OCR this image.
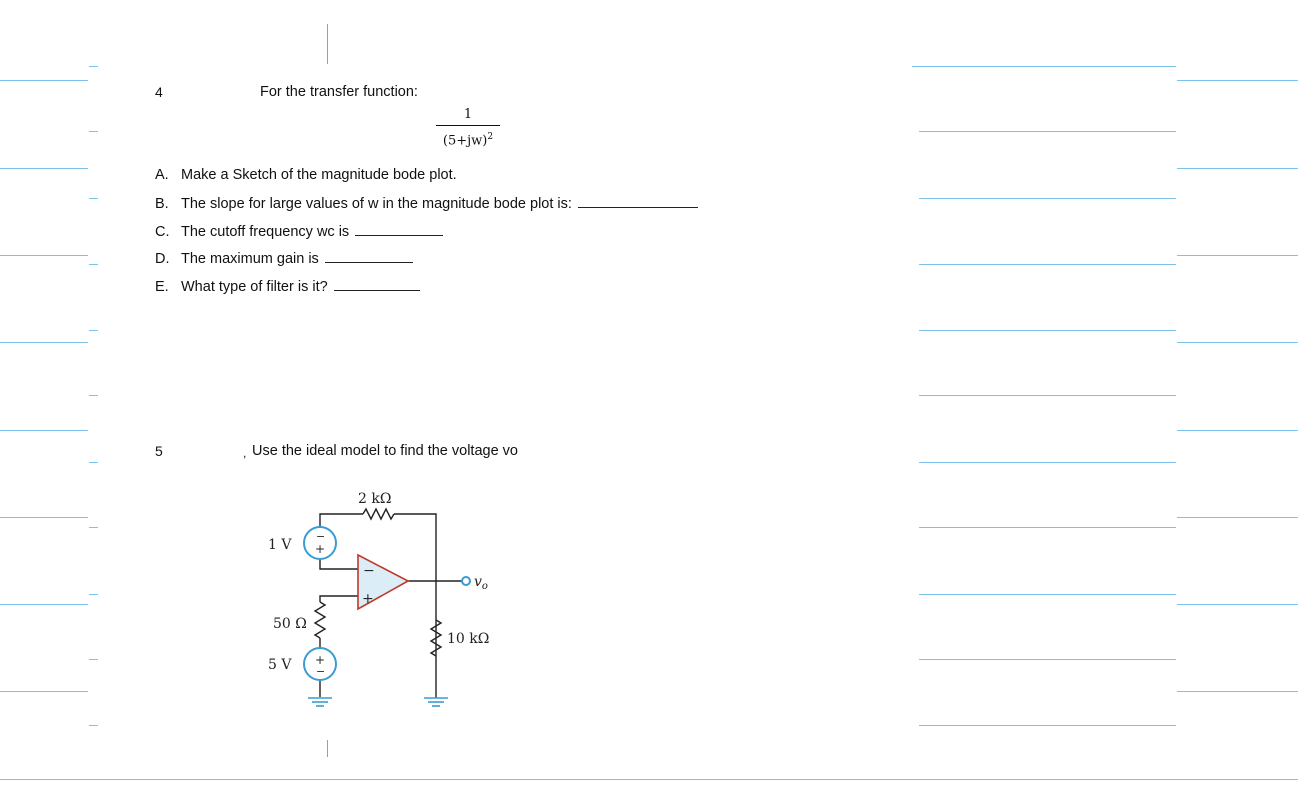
4	For the transfer function:
1
$(5+jw)^2$
A. Make a Sketch of the magnitude bode plot.
B. The slope for large values of w in the magnitude bode plot is:
C. The cutoff frequency wc is
D. The maximum gain is
E. What type of filter is it?
5	, Use the ideal model to find the voltage vo
−
+
−
+
+
−
2 kΩ
1 V
50 Ω
5 V
10 kΩ
$v_o$
